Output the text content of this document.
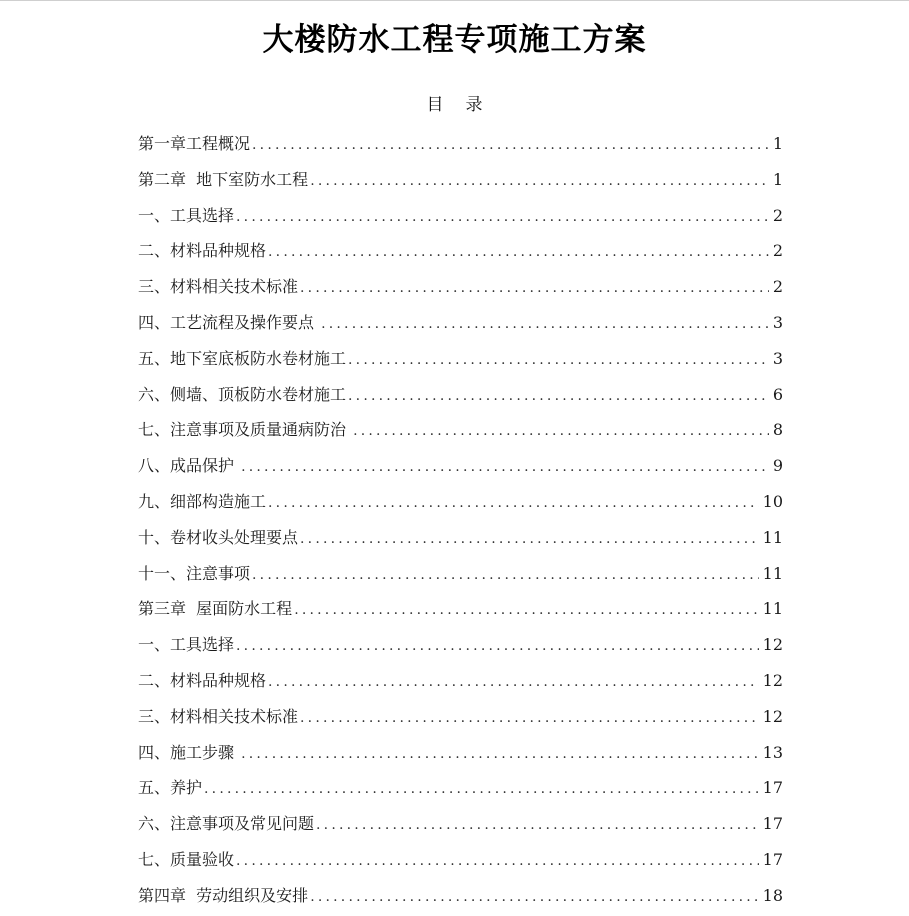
大楼防水工程专项施工方案
目录
第一章工程概况 .....	1
第二章  地下室防水工程 .....	1
一、工具选择 .....	2
二、材料品种规格 .....	2
三、材料相关技术标准 .....	2
四、工艺流程及操作要点 .....	3
五、地下室底板防水卷材施工 .....	3
六、侧墙、顶板防水卷材施工 .....	6
七、注意事项及质量通病防治 .....	8
八、成品保护 .....	9
九、细部构造施工 .....	10
十、卷材收头处理要点 .....	11
十一、注意事项 .....	11
第三章  屋面防水工程 .....	11
一、工具选择 .....	12
二、材料品种规格 .....	12
三、材料相关技术标准 .....	12
四、施工步骤 .....	13
五、养护 .....	17
六、注意事项及常见问题 .....	17
七、质量验收 .....	17
第四章  劳动组织及安排 .....	18
